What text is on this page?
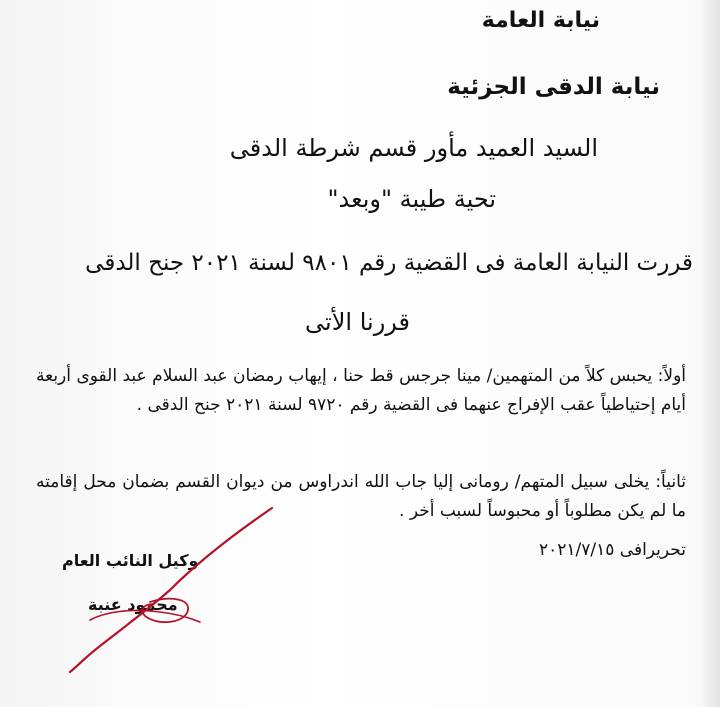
نيابة العامة
نيابة الدقى الجزئية
السيد العميد مأور قسم شرطة الدقى
تحية طيبة "وبعد"
قررت النيابة العامة فى القضية رقم ٩٨٠١ لسنة ٢٠٢١ جنح الدقى
قررنا الأتى
أولاً: يحبس كلاً من المتهمين/ مينا جرجس قط حنا ، إيهاب رمضان عبد السلام عبد القوى أربعة أيام إحتياطياً عقب الإفراج عنهما فى القضية رقم ٩٧٢٠ لسنة ٢٠٢١ جنح الدقى .
ثانياً: يخلى سبيل المتهم/ رومانى إليا جاب الله اندراوس من ديوان القسم بضمان محل إقامته ما لم يكن مطلوباً أو محبوساً لسبب أخر .
تحريرافى ٢٠٢١/٧/١٥
وكيل النائب العام
محمود عنبة
